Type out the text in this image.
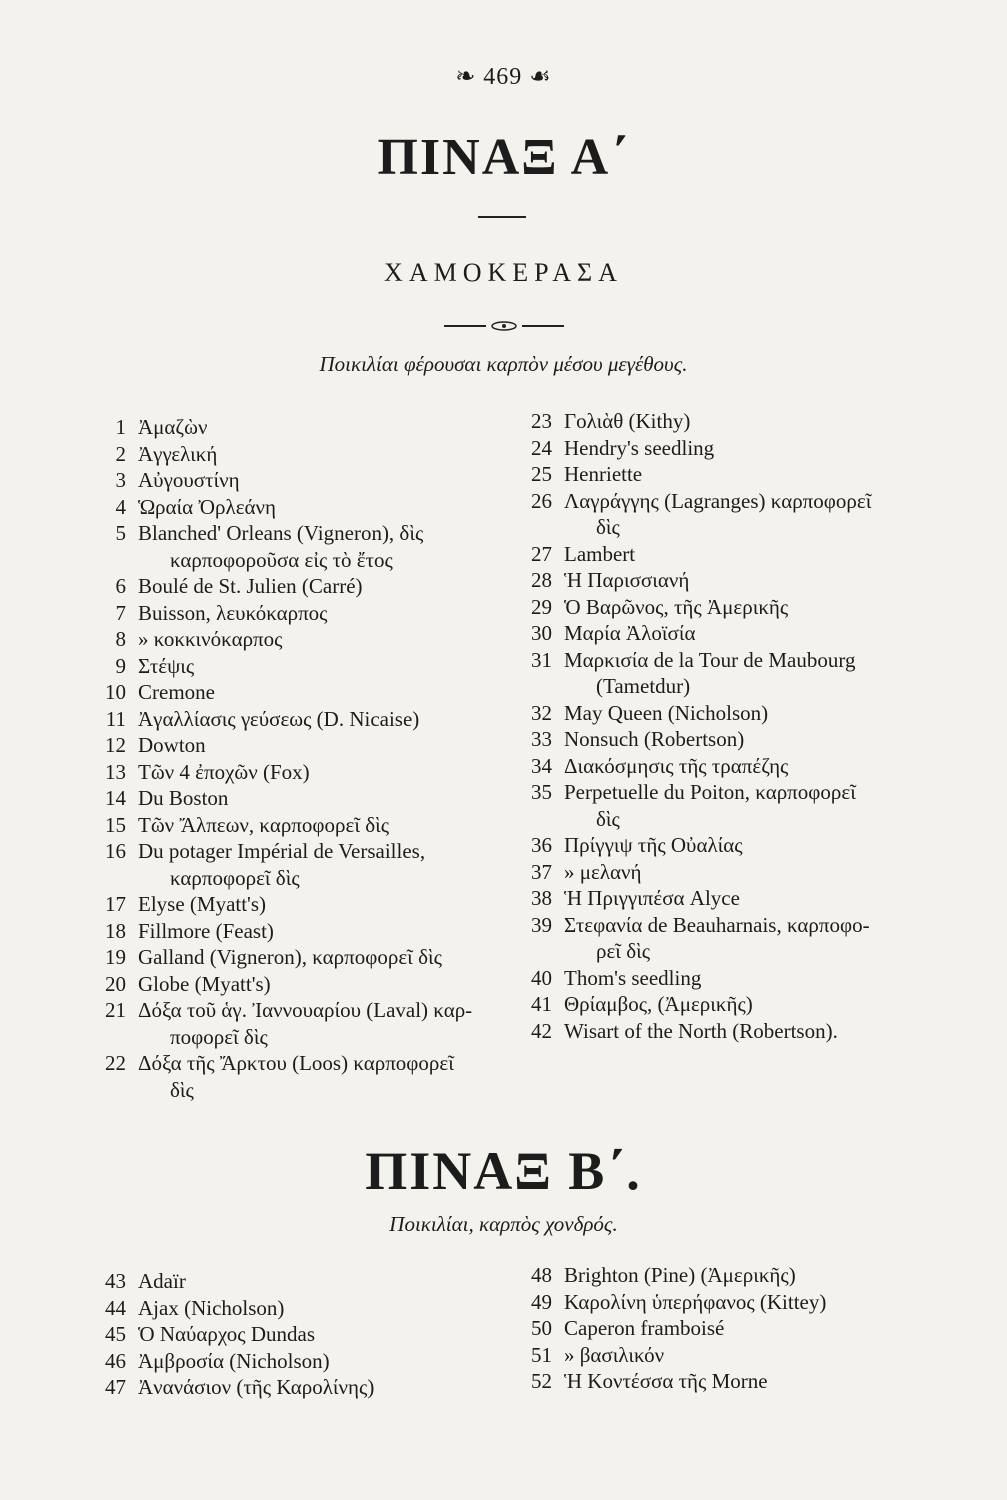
❧ 469 ☙
ΠΙΝΑΞ Α΄
ΧΑΜΟΚΕΡΑΣΑ
Ποικιλίαι φέρουσαι καρπὸν μέσου μεγέθους.
1 Ἀμαζὼν
2 Ἀγγελική
3 Αὐγουστίνη
4 Ὡραία Ὀρλεάνη
5 Blanched' Orleans (Vigneron), δὶς
καρποφοροῦσα εἰς τὸ ἔτος
6 Boulé de St. Julien (Carré)
7 Buisson, λευκόκαρπος
8 » κοκκινόκαρπος
9 Στέψις
10 Cremone
11 Ἀγαλλίασις γεύσεως (D. Nicaise)
12 Dowton
13 Τῶν 4 ἐποχῶν (Fox)
14 Du Boston
15 Τῶν Ἄλπεων, καρποφορεῖ δὶς
16 Du potager Impérial de Versailles,
καρποφορεῖ δὶς
17 Elyse (Myatt's)
18 Fillmore (Feast)
19 Galland (Vigneron), καρποφορεῖ δὶς
20 Globe (Myatt's)
21 Δόξα τοῦ ἁγ. Ἰαννουαρίου (Laval) καρ-
ποφορεῖ δὶς
22 Δόξα τῆς Ἄρκτου (Loos) καρποφορεῖ
δὶς
23 Γολιὰθ (Kithy)
24 Hendry's seedling
25 Henriette
26 Λαγράγγης (Lagranges) καρποφορεῖ
δὶς
27 Lambert
28 Ἡ Παρισσιανή
29 Ὁ Βαρῶνος, τῆς Ἀμερικῆς
30 Μαρία Ἀλοϊσία
31 Μαρκισία de la Tour de Maubourg
(Tametdur)
32 May Queen (Nicholson)
33 Nonsuch (Robertson)
34 Διακόσμησις τῆς τραπέζης
35 Perpetuelle du Poiton, καρποφορεῖ
δὶς
36 Πρίγγιψ τῆς Οὐαλίας
37 » μελανή
38 Ἡ Πριγγιπέσα Alyce
39 Στεφανία de Beauharnais, καρποφο-
ρεῖ δὶς
40 Thom's seedling
41 Θρίαμβος, (Ἀμερικῆς)
42 Wisart of the North (Robertson).
ΠΙΝΑΞ Β΄.
Ποικιλίαι, καρπὸς χονδρός.
43 Adaïr
44 Ajax (Nicholson)
45 Ὁ Ναύαρχος Dundas
46 Ἀμβροσία (Nicholson)
47 Ἀνανάσιον (τῆς Καρολίνης)
48 Brighton (Pine) (Ἀμερικῆς)
49 Καρολίνη ὑπερήφανος (Kittey)
50 Caperon framboisé
51 » βασιλικόν
52 Ἡ Κοντέσσα τῆς Morne
